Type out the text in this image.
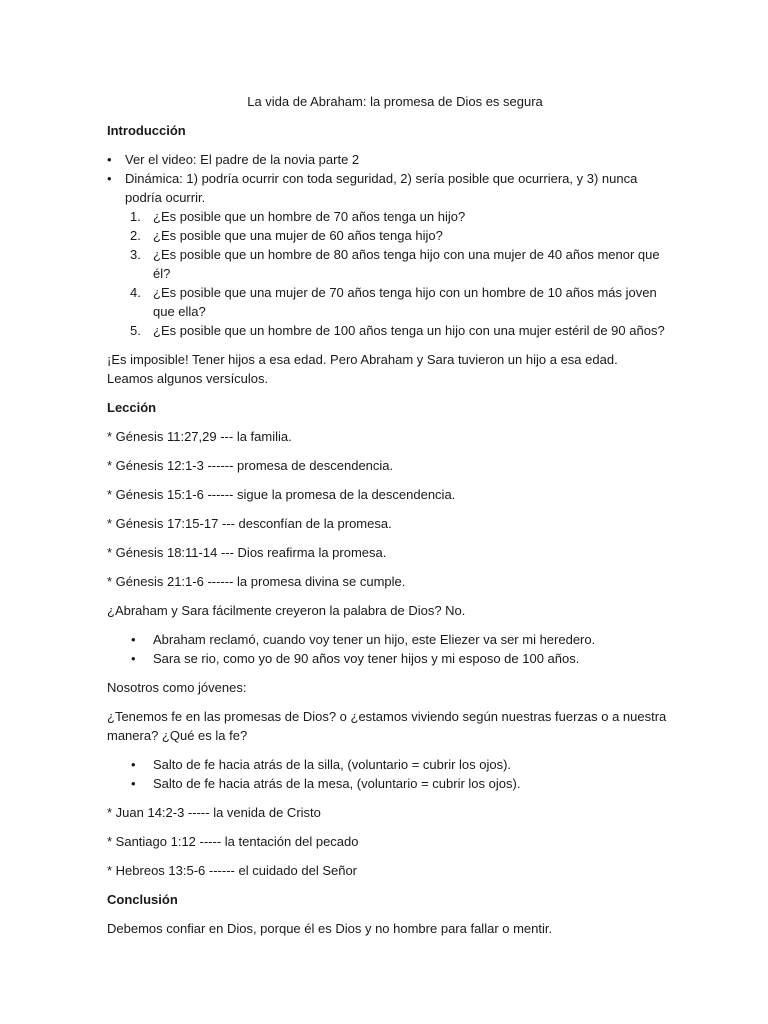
La vida de Abraham: la promesa de Dios es segura
Introducción
• Ver el video: El padre de la novia parte 2
• Dinámica: 1) podría ocurrir con toda seguridad, 2) sería posible que ocurriera, y 3) nunca podría ocurrir.
1. ¿Es posible que un hombre de 70 años tenga un hijo?
2. ¿Es posible que una mujer de 60 años tenga hijo?
3. ¿Es posible que un hombre de 80 años tenga hijo con una mujer de 40 años menor que él?
4. ¿Es posible que una mujer de 70 años tenga hijo con un hombre de 10 años más joven que ella?
5. ¿Es posible que un hombre de 100 años tenga un hijo con una mujer estéril de 90 años?

¡Es imposible! Tener hijos a esa edad. Pero Abraham y Sara tuvieron un hijo a esa edad. Leamos algunos versículos.

Lección
* Génesis 11:27,29 --- la familia.
* Génesis 12:1-3 ------ promesa de descendencia.
* Génesis 15:1-6 ------ sigue la promesa de la descendencia.
* Génesis 17:15-17 --- desconfían de la promesa.
* Génesis 18:11-14 --- Dios reafirma la promesa.
* Génesis 21:1-6 ------ la promesa divina se cumple.

¿Abraham y Sara fácilmente creyeron la palabra de Dios? No.

• Abraham reclamó, cuando voy tener un hijo, este Eliezer va ser mi heredero.
• Sara se rio, como yo de 90 años voy tener hijos y mi esposo de 100 años.
Nosotros como jóvenes:

¿Tenemos fe en las promesas de Dios? o ¿estamos viviendo según nuestras fuerzas o a nuestra manera? ¿Qué es la fe?

• Salto de fe hacia atrás de la silla, (voluntario = cubrir los ojos).
• Salto de fe hacia atrás de la mesa, (voluntario = cubrir los ojos).
* Juan 14:2-3 ----- la venida de Cristo
* Santiago 1:12 ----- la tentación del pecado
* Hebreos 13:5-6 ------ el cuidado del Señor
Conclusión

Debemos confiar en Dios, porque él es Dios y no hombre para fallar o mentir.
